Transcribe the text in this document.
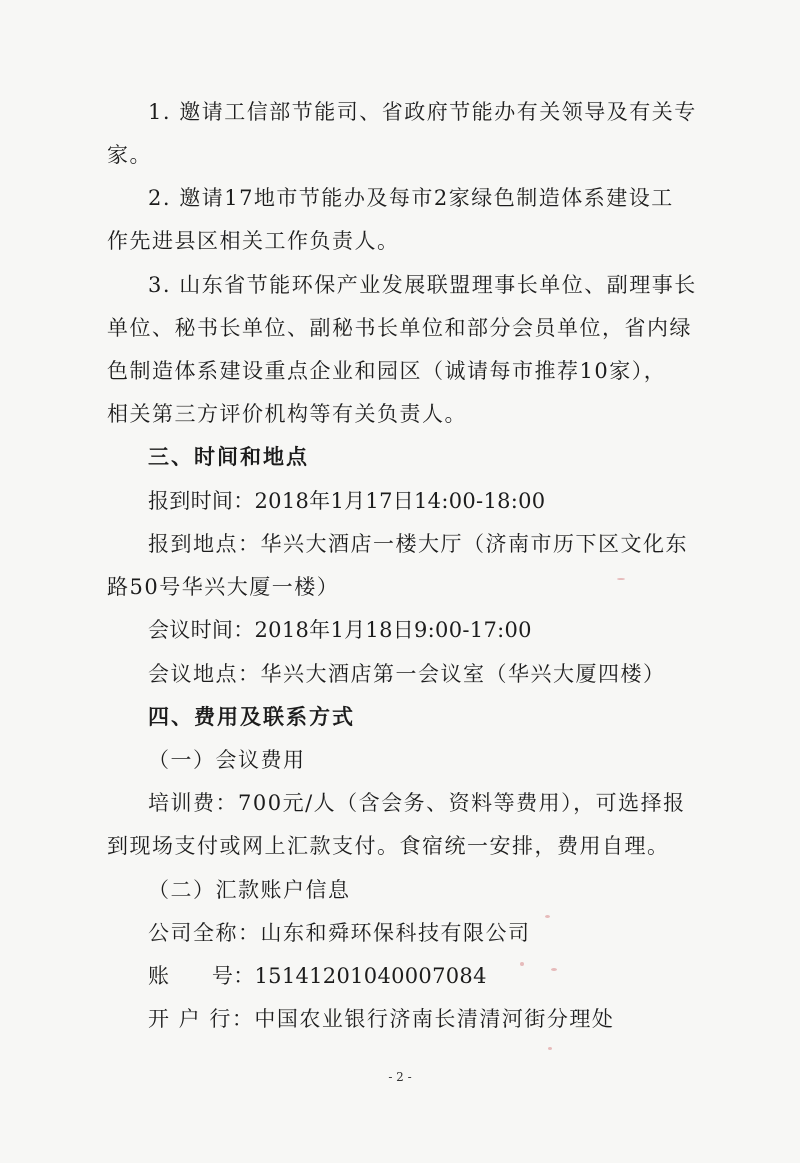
1. 邀请工信部节能司、省政府节能办有关领导及有关专
家。
2. 邀请17地市节能办及每市2家绿色制造体系建设工
作先进县区相关工作负责人。
3. 山东省节能环保产业发展联盟理事长单位、副理事长
单位、秘书长单位、副秘书长单位和部分会员单位，省内绿
色制造体系建设重点企业和园区（诚请每市推荐10家），
相关第三方评价机构等有关负责人。
三、时间和地点
报到时间：2018年1月17日14:00-18:00
报到地点：华兴大酒店一楼大厅（济南市历下区文化东
路50号华兴大厦一楼）
会议时间：2018年1月18日9:00-17:00
会议地点：华兴大酒店第一会议室（华兴大厦四楼）
四、费用及联系方式
（一）会议费用
培训费：700元/人（含会务、资料等费用），可选择报
到现场支付或网上汇款支付。食宿统一安排，费用自理。
（二）汇款账户信息
公司全称：山东和舜环保科技有限公司
账　　号：15141201040007084
开 户 行：中国农业银行济南长清清河街分理处
- 2 -
